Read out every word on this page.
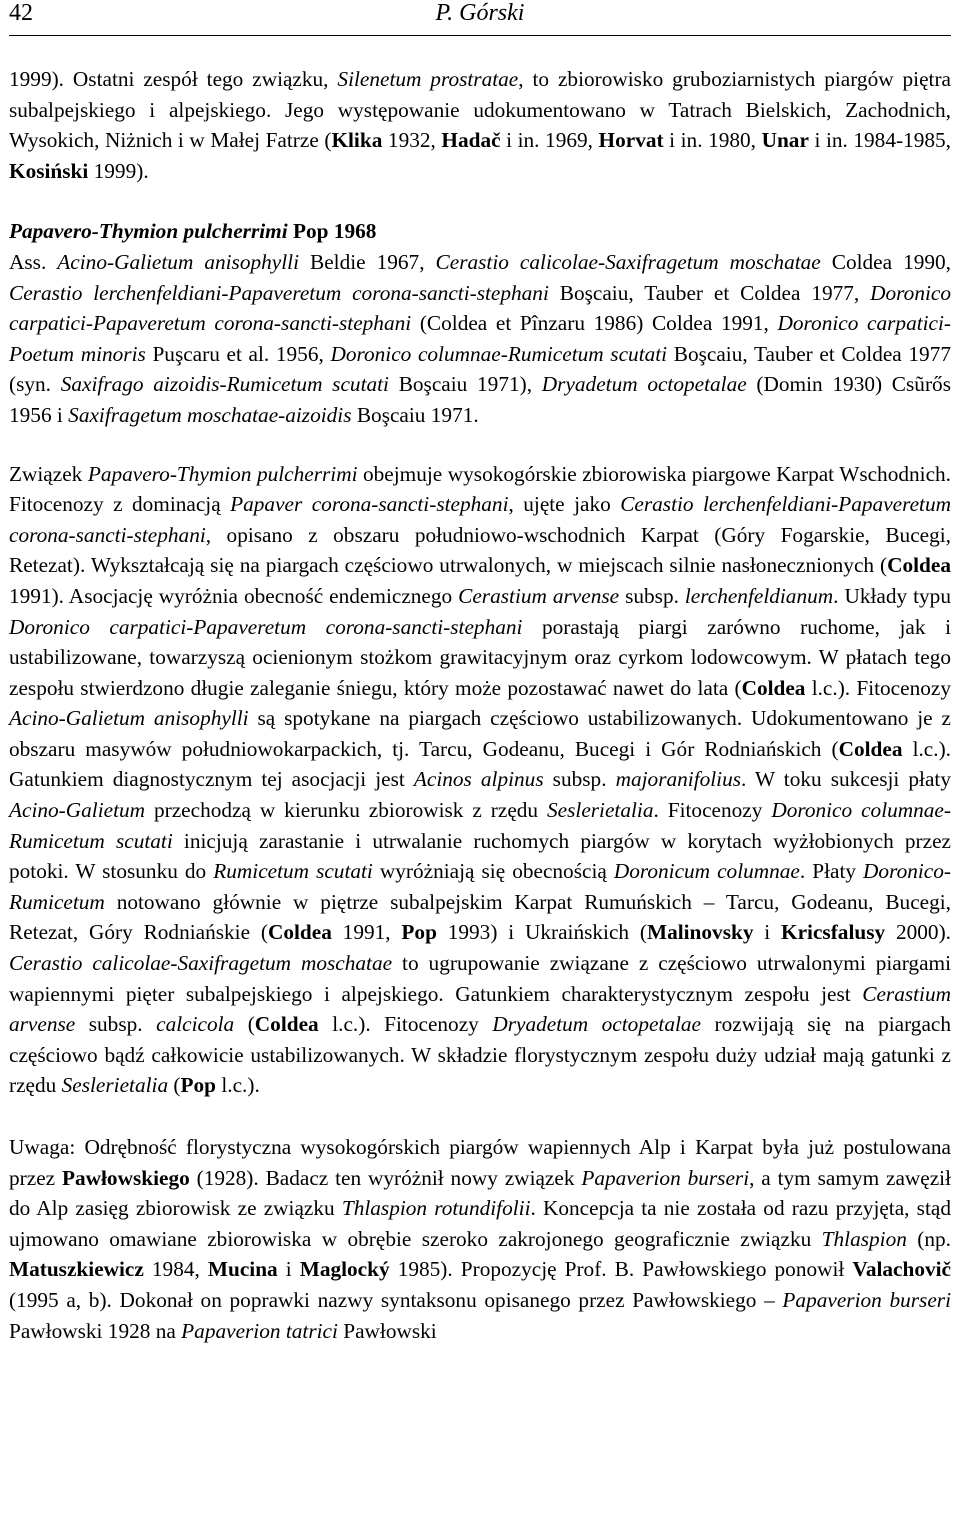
42	P. Górski

1999). Ostatni zespół tego związku, Silenetum prostratae, to zbiorowisko gruboziarnistych piargów piętra subalpejskiego i alpejskiego. Jego występowanie udokumentowano w Tatrach Bielskich, Zachodnich, Wysokich, Niżnich i w Małej Fatrze (Klika 1932, Hadač i in. 1969, Horvat i in. 1980, Unar i in. 1984-1985, Kosiński 1999).

Papavero-Thymion pulcherrimi Pop 1968

Ass. Acino-Galietum anisophylli Beldie 1967, Cerastio calicolae-Saxifragetum moschatae Coldea 1990, Cerastio lerchenfeldiani-Papaveretum corona-sancti-stephani Boşcaiu, Tauber et Coldea 1977, Doronico carpatici-Papaveretum corona-sancti-stephani (Coldea et Pînzaru 1986) Coldea 1991, Doronico carpatici-Poetum minoris Puşcaru et al. 1956, Doronico columnae-Rumicetum scutati Boşcaiu, Tauber et Coldea 1977 (syn. Saxifrago aizoidis-Rumicetum scutati Boşcaiu 1971), Dryadetum octopetalae (Domin 1930) Csũrős 1956 i Saxifragetum moschatae-aizoidis Boşcaiu 1971.

Związek Papavero-Thymion pulcherrimi obejmuje wysokogórskie zbiorowiska piargowe Karpat Wschodnich. Fitocenozy z dominacją Papaver corona-sancti-stephani, ujęte jako Cerastio lerchenfeldiani-Papaveretum corona-sancti-stephani, opisano z obszaru południowo-wschodnich Karpat (Góry Fogarskie, Bucegi, Retezat). Wykształcają się na piargach częściowo utrwalonych, w miejscach silnie nasłonecznionych (Coldea 1991). Asocjację wyróżnia obecność endemicznego Cerastium arvense subsp. lerchenfeldianum. Układy typu Doronico carpatici-Papaveretum corona-sancti-stephani porastają piargi zarówno ruchome, jak i ustabilizowane, towarzyszą ocienionym stożkom grawitacyjnym oraz cyrkom lodowcowym. W płatach tego zespołu stwierdzono długie zaleganie śniegu, który może pozostawać nawet do lata (Coldea l.c.). Fitocenozy Acino-Galietum anisophylli są spotykane na piargach częściowo ustabilizowanych. Udokumentowano je z obszaru masywów południowokarpackich, tj. Tarcu, Godeanu, Bucegi i Gór Rodniańskich (Coldea l.c.). Gatunkiem diagnostycznym tej asocjacji jest Acinos alpinus subsp. majoranifolius. W toku sukcesji płaty Acino-Galietum przechodzą w kierunku zbiorowisk z rzędu Seslerietalia. Fitocenozy Doronico columnae-Rumicetum scutati inicjują zarastanie i utrwalanie ruchomych piargów w korytach wyżłobionych przez potoki. W stosunku do Rumicetum scutati wyróżniają się obecnością Doronicum columnae. Płaty Doronico-Rumicetum notowano głównie w piętrze subalpejskim Karpat Rumuńskich – Tarcu, Godeanu, Bucegi, Retezat, Góry Rodniańskie (Coldea 1991, Pop 1993) i Ukraińskich (Malinovsky i Kricsfalusy 2000). Cerastio calicolae-Saxifragetum moschatae to ugrupowanie związane z częściowo utrwalonymi piargami wapiennymi pięter subalpejskiego i alpejskiego. Gatunkiem charakterystycznym zespołu jest Cerastium arvense subsp. calcicola (Coldea l.c.). Fitocenozy Dryadetum octopetalae rozwijają się na piargach częściowo bądź całkowicie ustabilizowanych. W składzie florystycznym zespołu duży udział mają gatunki z rzędu Seslerietalia (Pop l.c.).

Uwaga: Odrębność florystyczna wysokogórskich piargów wapiennych Alp i Karpat była już postulowana przez Pawłowskiego (1928). Badacz ten wyróżnił nowy związek Papaverion burseri, a tym samym zawęził do Alp zasięg zbiorowisk ze związku Thlaspion rotundifolii. Koncepcja ta nie została od razu przyjęta, stąd ujmowano omawiane zbiorowiska w obrębie szeroko zakrojonego geograficznie związku Thlaspion (np. Matuszkiewicz 1984, Mucina i Maglocký 1985). Propozycję Prof. B. Pawłowskiego ponowił Valachovič (1995 a, b). Dokonał on poprawki nazwy syntaksonu opisanego przez Pawłowskiego – Papaverion burseri Pawłowski 1928 na Papaverion tatrici Pawłowski
